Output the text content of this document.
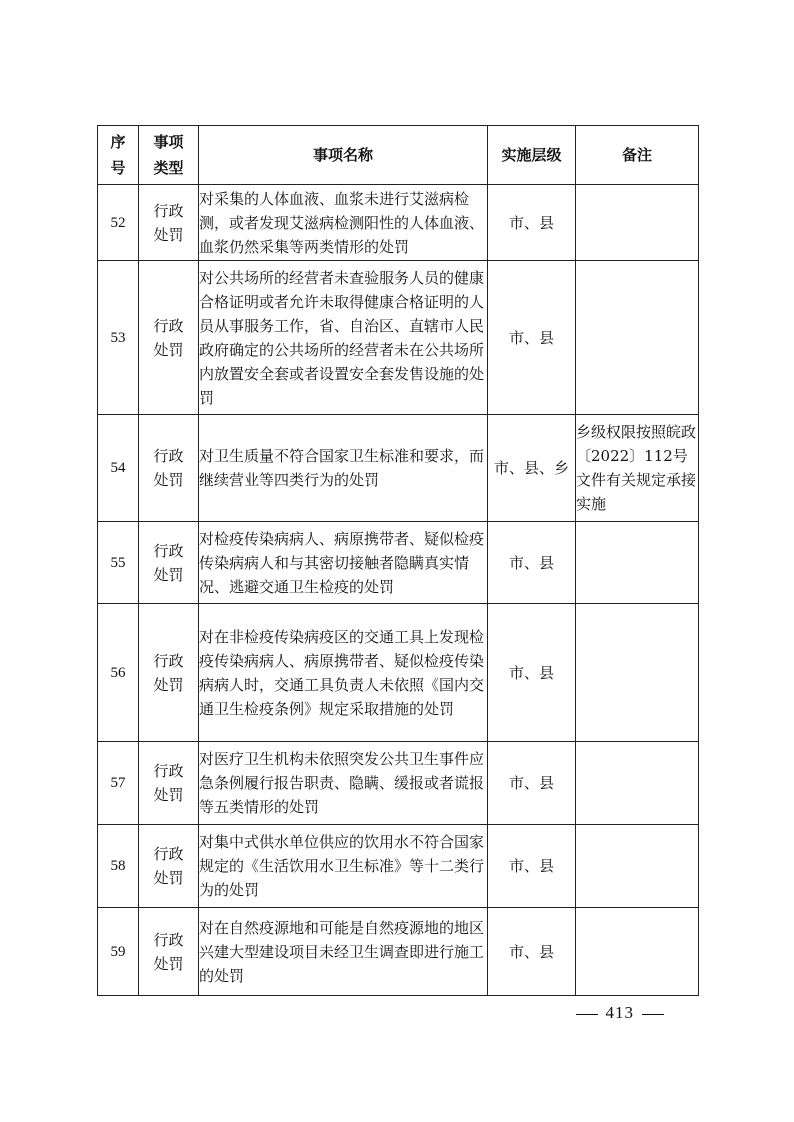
序号	事项类型	事项名称	实施层级	备注
52	行政处罚	对采集的人体血液、血浆未进行艾滋病检测，或者发现艾滋病检测阳性的人体血液、血浆仍然采集等两类情形的处罚	市、县	
53	行政处罚	对公共场所的经营者未查验服务人员的健康合格证明或者允许未取得健康合格证明的人员从事服务工作，省、自治区、直辖市人民政府确定的公共场所的经营者未在公共场所内放置安全套或者设置安全套发售设施的处罚	市、县	
54	行政处罚	对卫生质量不符合国家卫生标准和要求，而继续营业等四类行为的处罚	市、县、乡	乡级权限按照皖政〔2022〕112号文件有关规定承接实施
55	行政处罚	对检疫传染病病人、病原携带者、疑似检疫传染病病人和与其密切接触者隐瞒真实情况、逃避交通卫生检疫的处罚	市、县	
56	行政处罚	对在非检疫传染病疫区的交通工具上发现检疫传染病病人、病原携带者、疑似检疫传染病病人时，交通工具负责人未依照《国内交通卫生检疫条例》规定采取措施的处罚	市、县	
57	行政处罚	对医疗卫生机构未依照突发公共卫生事件应急条例履行报告职责、隐瞒、缓报或者谎报等五类情形的处罚	市、县	
58	行政处罚	对集中式供水单位供应的饮用水不符合国家规定的《生活饮用水卫生标准》等十二类行为的处罚	市、县	
59	行政处罚	对在自然疫源地和可能是自然疫源地的地区兴建大型建设项目未经卫生调查即进行施工的处罚	市、县	
413
